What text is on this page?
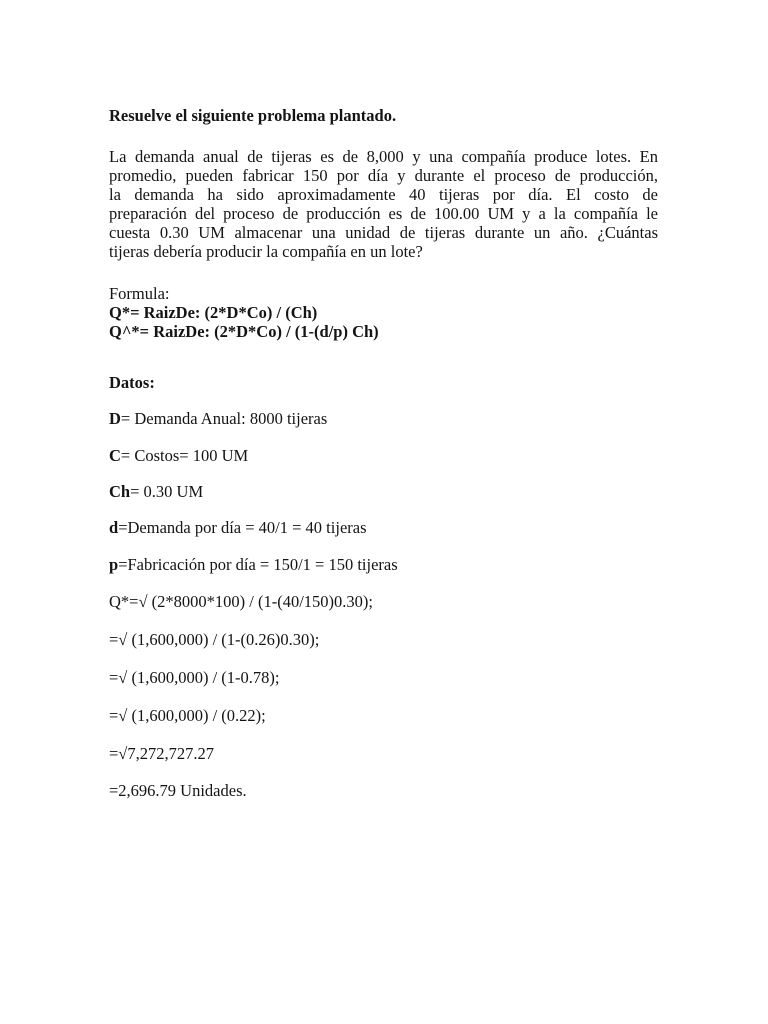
Resuelve el siguiente problema plantado.
La demanda anual de tijeras es de 8,000 y una compañía produce lotes. En
promedio, pueden fabricar 150 por día y durante el proceso de producción,
la demanda ha sido aproximadamente 40 tijeras por día. El costo de
preparación del proceso de producción es de 100.00 UM y a la compañía le
cuesta 0.30 UM almacenar una unidad de tijeras durante un año. ¿Cuántas
tijeras debería producir la compañía en un lote?
Formula:
Q*= RaizDe: (2*D*Co) / (Ch)
Q^*= RaizDe: (2*D*Co) / (1-(d/p) Ch)
Datos:
D= Demanda Anual: 8000 tijeras
C= Costos= 100 UM
Ch= 0.30 UM
d=Demanda por día = 40/1 = 40 tijeras
p=Fabricación por día = 150/1 = 150 tijeras
Q*=√ (2*8000*100) / (1-(40/150)0.30);
=√ (1,600,000) / (1-(0.26)0.30);
=√ (1,600,000) / (1-0.78);
=√ (1,600,000) / (0.22);
=√7,272,727.27
=2,696.79 Unidades.
